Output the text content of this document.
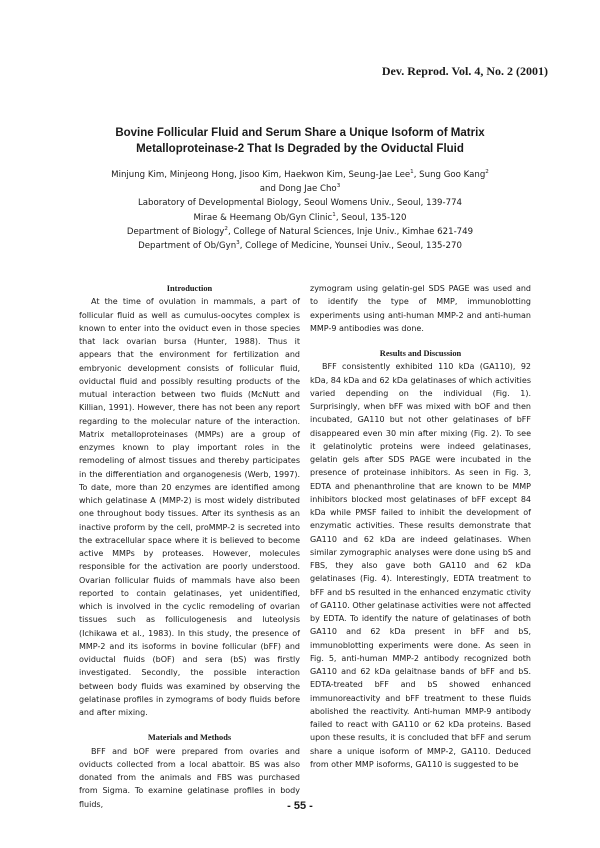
Dev. Reprod. Vol. 4, No. 2 (2001)
Bovine Follicular Fluid and Serum Share a Unique Isoform of Matrix
Metalloproteinase-2 That Is Degraded by the Oviductal Fluid
Minjung Kim, Minjeong Hong, Jisoo Kim, Haekwon Kim, Seung-Jae Lee$^1$, Sung Goo Kang$^2$
and Dong Jae Cho$^3$
Laboratory of Developmental Biology, Seoul Womens Univ., Seoul, 139-774
Mirae & Heemang Ob/Gyn Clinic$^1$, Seoul, 135-120
Department of Biology$^2$, College of Natural Sciences, Inje Univ., Kimhae 621-749
Department of Ob/Gyn$^3$, College of Medicine, Younsei Univ., Seoul, 135-270
Introduction

At the time of ovulation in mammals, a part of follicular fluid as well as cumulus-oocytes complex is known to enter into the oviduct even in those species that lack ovarian bursa (Hunter, 1988). Thus it appears that the environment for fertilization and embryonic development consists of follicular fluid, oviductal fluid and possibly resulting products of the mutual interaction between two fluids (McNutt and Killian, 1991). However, there has not been any report regarding to the molecular nature of the interaction. Matrix metalloproteinases (MMPs) are a group of enzymes known to play important roles in the remodeling of almost tissues and thereby participates in the differentiation and organogenesis (Werb, 1997). To date, more than 20 enzymes are identified among which gelatinase A (MMP-2) is most widely distributed one throughout body tissues. After its synthesis as an inactive proform by the cell, proMMP-2 is secreted into the extracellular space where it is believed to become active MMPs by proteases. However, molecules responsible for the activation are poorly understood. Ovarian follicular fluids of mammals have also been reported to contain gelatinases, yet unidentified, which is involved in the cyclic remodeling of ovarian tissues such as folliculogenesis and luteolysis (Ichikawa et al., 1983). In this study, the presence of MMP-2 and its isoforms in bovine follicular (bFF) and oviductal fluids (bOF) and sera (bS) was firstly investigated. Secondly, the possible interaction between body fluids was examined by observing the gelatinase profiles in zymograms of body fluids before and after mixing.

Materials and Methods

BFF and bOF were prepared from ovaries and oviducts collected from a local abattoir. BS was also donated from the animals and FBS was purchased from Sigma. To examine gelatinase profiles in body fluids,

zymogram using gelatin-gel SDS PAGE was used and to identify the type of MMP, immunoblotting experiments using anti-human MMP-2 and anti-human MMP-9 antibodies was done.

Results and Discussion

BFF consistently exhibited 110 kDa (GA110), 92 kDa, 84 kDa and 62 kDa gelatinases of which activities varied depending on the individual (Fig. 1). Surprisingly, when bFF was mixed with bOF and then incubated, GA110 but not other gelatinases of bFF disappeared even 30 min after mixing (Fig. 2). To see it gelatinolytic proteins were indeed gelatinases, gelatin gels after SDS PAGE were incubated in the presence of proteinase inhibitors. As seen in Fig. 3, EDTA and phenanthroline that are known to be MMP inhibitors blocked most gelatinases of bFF except 84 kDa while PMSF failed to inhibit the development of enzymatic activities. These results demonstrate that GA110 and 62 kDa are indeed gelatinases. When similar zymographic analyses were done using bS and FBS, they also gave both GA110 and 62 kDa gelatinases (Fig. 4). Interestingly, EDTA treatment to bFF and bS resulted in the enhanced enzymatic ctivity of GA110. Other gelatinase activities were not affected by EDTA. To identify the nature of gelatinases of both GA110 and 62 kDa present in bFF and bS, immunoblotting experiments were done. As seen in Fig. 5, anti-human MMP-2 antibody recognized both GA110 and 62 kDa gelaitnase bands of bFF and bS. EDTA-treated bFF and bS showed enhanced immunoreactivity and bFF treatment to these fluids abolished the reactivity. Anti-human MMP-9 antibody failed to react with GA110 or 62 kDa proteins. Based upon these results, it is concluded that bFF and serum share a unique isoform of MMP-2, GA110. Deduced from other MMP isoforms, GA110 is suggested to be

- 55 -
